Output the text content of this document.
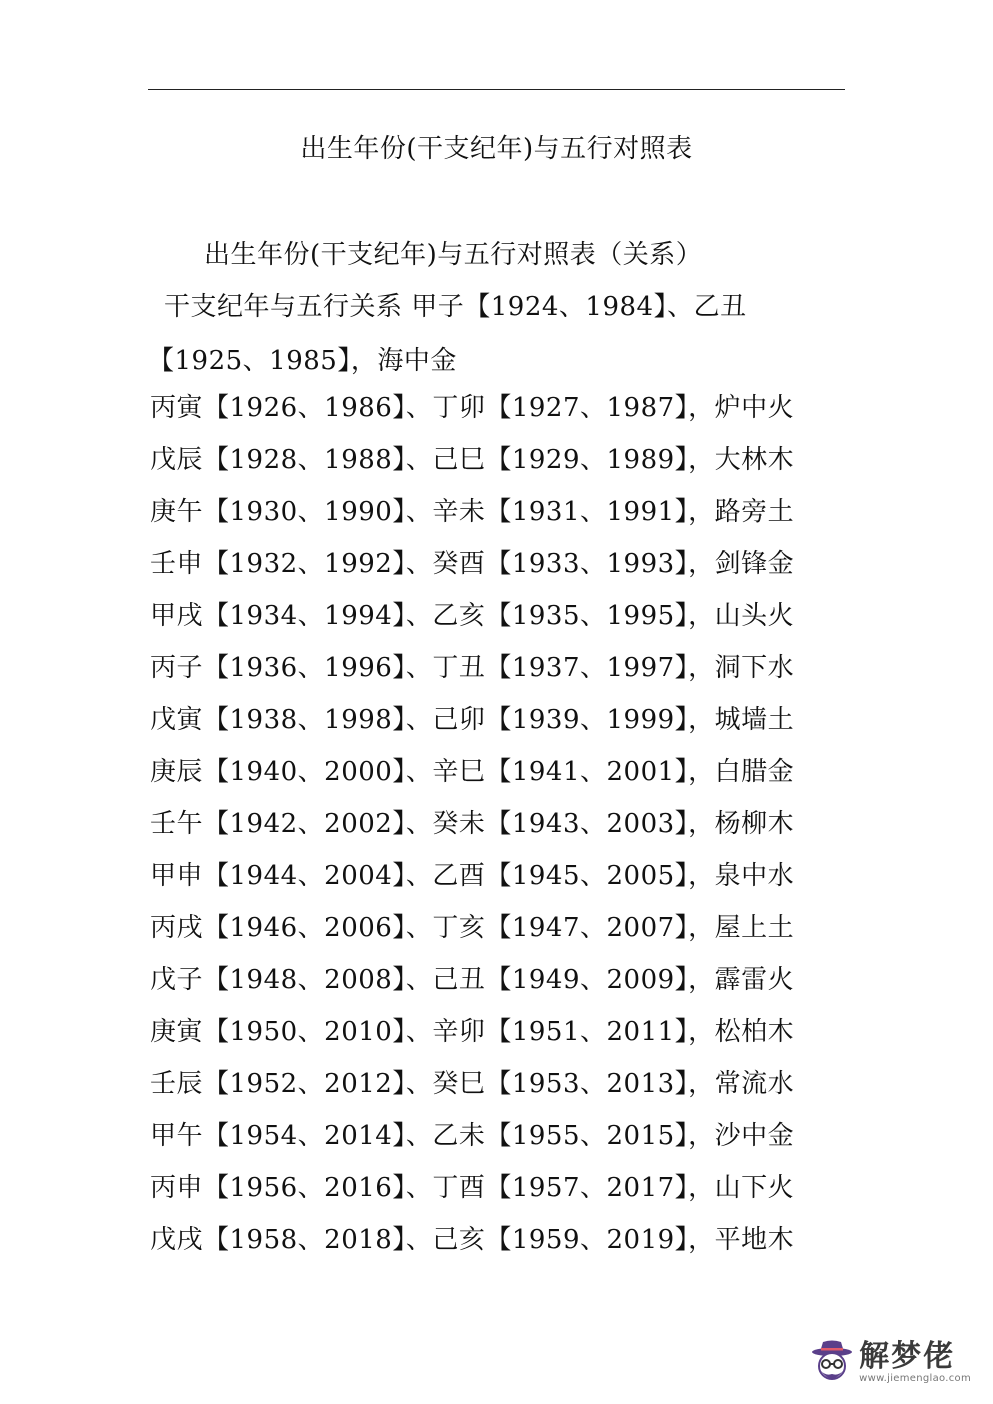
出生年份(干支纪年)与五行对照表
出生年份(干支纪年)与五行对照表（关系）
干支纪年与五行关系 甲子【1924、1984】、乙丑
【1925、1985】，海中金
丙寅【1926、1986】、丁卯【1927、1987】，炉中火
戊辰【1928、1988】、己巳【1929、1989】，大林木
庚午【1930、1990】、辛未【1931、1991】，路旁土
壬申【1932、1992】、癸酉【1933、1993】，剑锋金
甲戌【1934、1994】、乙亥【1935、1995】，山头火
丙子【1936、1996】、丁丑【1937、1997】，洞下水
戊寅【1938、1998】、己卯【1939、1999】，城墙土
庚辰【1940、2000】、辛巳【1941、2001】，白腊金
壬午【1942、2002】、癸未【1943、2003】，杨柳木
甲申【1944、2004】、乙酉【1945、2005】，泉中水
丙戌【1946、2006】、丁亥【1947、2007】，屋上土
戊子【1948、2008】、己丑【1949、2009】，霹雷火
庚寅【1950、2010】、辛卯【1951、2011】，松柏木
壬辰【1952、2012】、癸巳【1953、2013】，常流水
甲午【1954、2014】、乙未【1955、2015】，沙中金
丙申【1956、2016】、丁酉【1957、2017】，山下火
戊戌【1958、2018】、己亥【1959、2019】，平地木
解梦佬
www.jiemenglao.com
